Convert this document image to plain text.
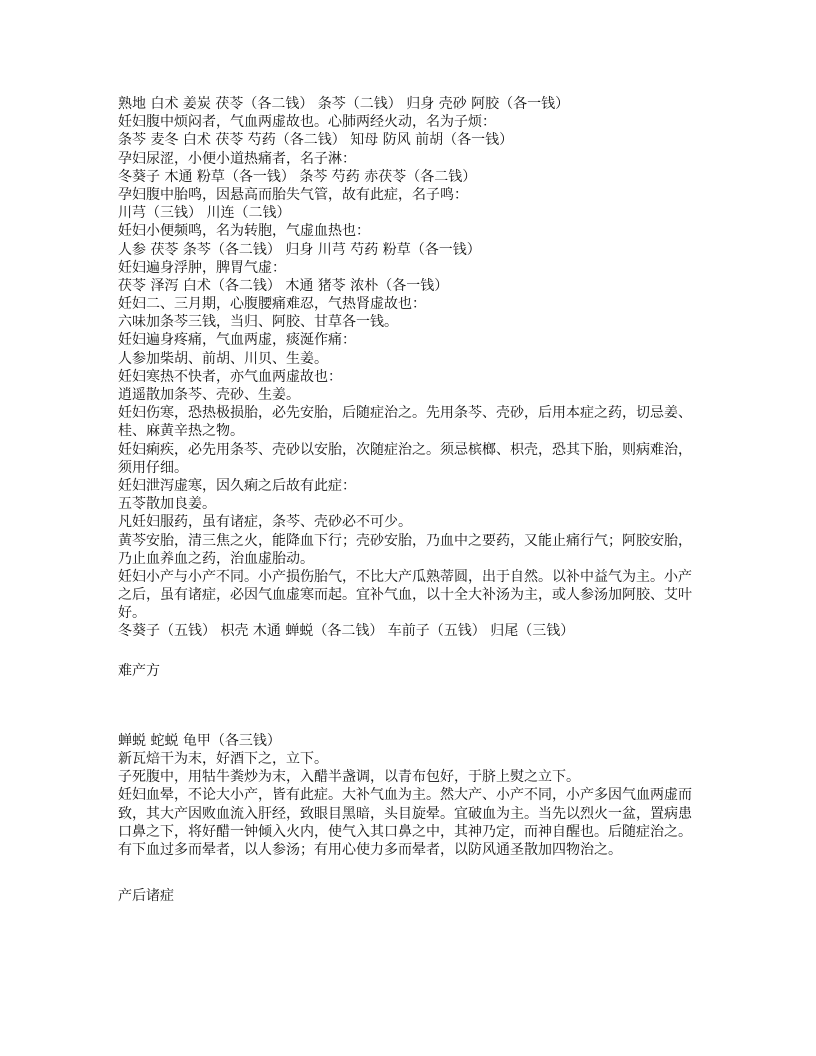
熟地 白术 姜炭 茯苓（各二钱） 条芩（二钱） 归身 壳砂 阿胶（各一钱）
妊妇腹中烦闷者，气血两虚故也。心肺两经火动，名为子烦：
条芩 麦冬 白术 茯苓 芍药（各二钱） 知母 防风 前胡（各一钱）
孕妇尿涩，小便小道热痛者，名子淋：
冬葵子 木通 粉草（各一钱） 条芩 芍药 赤茯苓（各二钱）
孕妇腹中胎鸣，因悬高而胎失气管，故有此症，名子鸣：
川芎（三钱） 川连（二钱）
妊妇小便频鸣，名为转胞，气虚血热也：
人参 茯苓 条芩（各二钱） 归身 川芎 芍药 粉草（各一钱）
妊妇遍身浮肿，脾胃气虚：
茯苓 泽泻 白术（各二钱） 木通 猪苓 浓朴（各一钱）
妊妇二、三月期，心腹腰痛难忍，气热肾虚故也：
六味加条芩三钱，当归、阿胶、甘草各一钱。
妊妇遍身疼痛，气血两虚，痰涎作痛：
人参加柴胡、前胡、川贝、生姜。
妊妇寒热不快者，亦气血两虚故也：
逍遥散加条芩、壳砂、生姜。
妊妇伤寒，恐热极损胎，必先安胎，后随症治之。先用条芩、壳砂，后用本症之药，切忌姜、
桂、麻黄辛热之物。
妊妇痢疾，必先用条芩、壳砂以安胎，次随症治之。须忌槟榔、枳壳，恐其下胎，则病难治，
须用仔细。
妊妇泄泻虚寒，因久痢之后故有此症：
五苓散加良姜。
凡妊妇服药，虽有诸症，条芩、壳砂必不可少。
黄芩安胎，清三焦之火，能降血下行；壳砂安胎，乃血中之要药，又能止痛行气；阿胶安胎，
乃止血养血之药，治血虚胎动。
妊妇小产与小产不同。小产损伤胎气，不比大产瓜熟蒂圆，出于自然。以补中益气为主。小产
之后，虽有诸症，必因气血虚寒而起。宜补气血，以十全大补汤为主，或人参汤加阿胶、艾叶
好。
冬葵子（五钱） 枳壳 木通 蝉蜕（各二钱） 车前子（五钱） 归尾（三钱）
难产方
蝉蜕 蛇蜕 龟甲（各三钱）
新瓦焙干为末，好酒下之，立下。
子死腹中，用牯牛粪炒为末，入醋半盏调，以青布包好，于脐上熨之立下。
妊妇血晕，不论大小产，皆有此症。大补气血为主。然大产、小产不同，小产多因气血两虚而
致，其大产因败血流入肝经，致眼目黑暗，头目旋晕。宜破血为主。当先以烈火一盆，置病患
口鼻之下，将好醋一钟倾入火内，使气入其口鼻之中，其神乃定，而神自醒也。后随症治之。
有下血过多而晕者，以人参汤；有用心使力多而晕者，以防风通圣散加四物治之。
产后诸症
